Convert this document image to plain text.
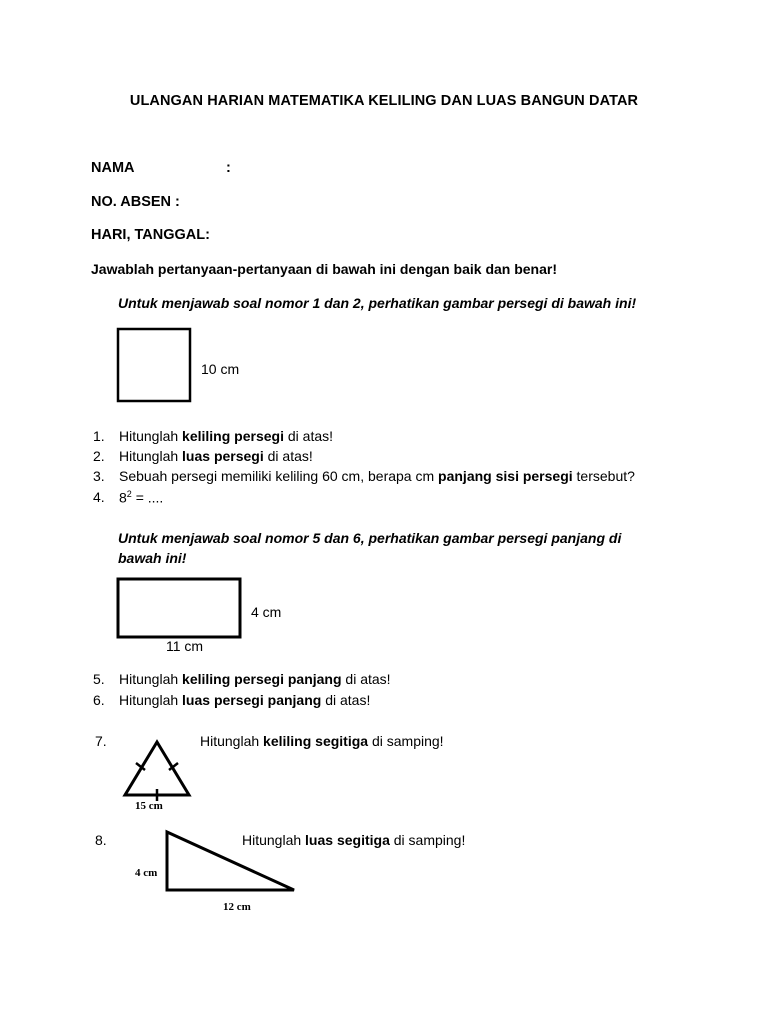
ULANGAN HARIAN MATEMATIKA KELILING DAN LUAS BANGUN DATAR
NAMA	:
NO. ABSEN :
HARI, TANGGAL:
Jawablah pertanyaan-pertanyaan di bawah ini dengan baik dan benar!
Untuk menjawab soal nomor 1 dan 2, perhatikan gambar persegi di bawah ini!
10 cm
1.	Hitunglah keliling persegi di atas!
2.	Hitunglah luas persegi di atas!
3.	Sebuah persegi memiliki keliling 60 cm, berapa cm panjang sisi persegi tersebut?
4.	$8^2$ = ....
Untuk menjawab soal nomor 5 dan 6, perhatikan gambar persegi panjang di
bawah ini!
4 cm
11 cm
5.	Hitunglah keliling persegi panjang di atas!
6.	Hitunglah luas persegi panjang di atas!
7.	Hitunglah keliling segitiga di samping!
15 cm
8.	Hitunglah luas segitiga di samping!
4 cm
12 cm
